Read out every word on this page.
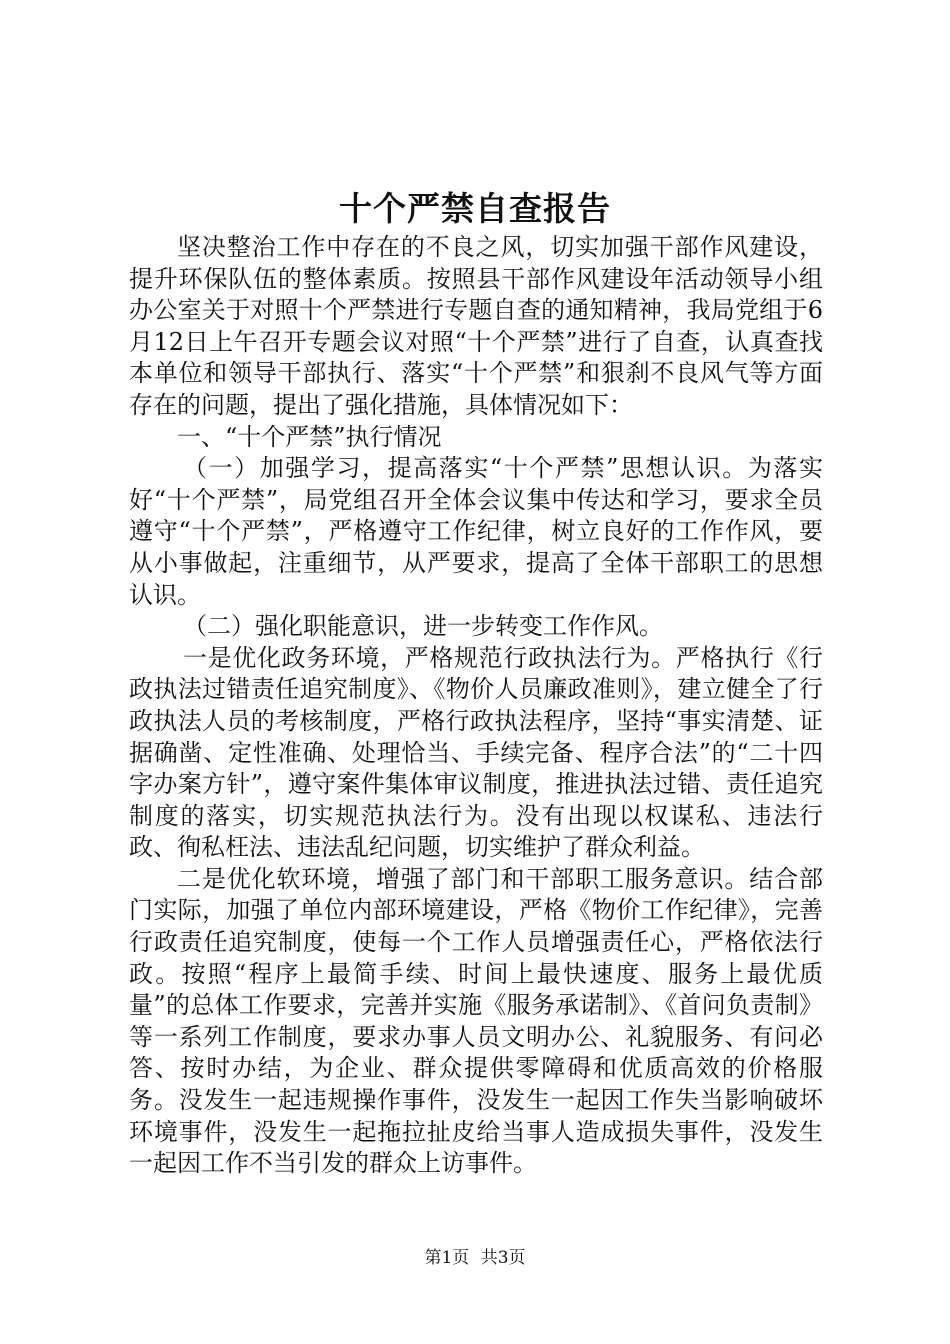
十个严禁自查报告

坚决整治工作中存在的不良之风，切实加强干部作风建设，提升环保队伍的整体素质。按照县干部作风建设年活动领导小组办公室关于对照十个严禁进行专题自查的通知精神，我局党组于6月12日上午召开专题会议对照“十个严禁”进行了自查，认真查找本单位和领导干部执行、落实“十个严禁”和狠刹不良风气等方面存在的问题，提出了强化措施，具体情况如下：

一、“十个严禁”执行情况

（一）加强学习，提高落实“十个严禁”思想认识。为落实好“十个严禁”，局党组召开全体会议集中传达和学习，要求全员遵守“十个严禁”，严格遵守工作纪律，树立良好的工作作风，要从小事做起，注重细节，从严要求，提高了全体干部职工的思想认识。

（二）强化职能意识，进一步转变工作作风。

一是优化政务环境，严格规范行政执法行为。严格执行《行政执法过错责任追究制度》、《物价人员廉政准则》，建立健全了行政执法人员的考核制度，严格行政执法程序，坚持“事实清楚、证据确凿、定性准确、处理恰当、手续完备、程序合法”的“二十四字办案方针”，遵守案件集体审议制度，推进执法过错、责任追究制度的落实，切实规范执法行为。没有出现以权谋私、违法行政、徇私枉法、违法乱纪问题，切实维护了群众利益。

二是优化软环境，增强了部门和干部职工服务意识。结合部门实际，加强了单位内部环境建设，严格《物价工作纪律》，完善行政责任追究制度，使每一个工作人员增强责任心，严格依法行政。按照“程序上最简手续、时间上最快速度、服务上最优质量”的总体工作要求，完善并实施《服务承诺制》、《首问负责制》等一系列工作制度，要求办事人员文明办公、礼貌服务、有问必答、按时办结，为企业、群众提供零障碍和优质高效的价格服务。没发生一起违规操作事件，没发生一起因工作失当影响破坏环境事件，没发生一起拖拉扯皮给当事人造成损失事件，没发生一起因工作不当引发的群众上访事件。

第1页 共3页
